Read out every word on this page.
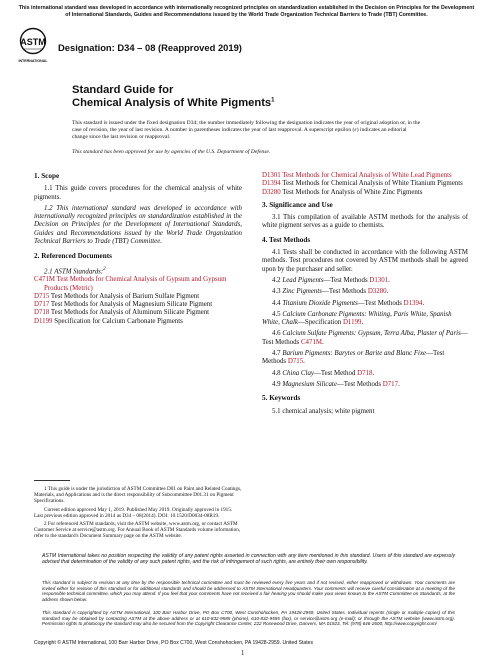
This international standard was developed in accordance with internationally recognized principles on standardization established in the Decision on Principles for the Development of International Standards, Guides and Recommendations issued by the World Trade Organization Technical Barriers to Trade (TBT) Committee.
ASTM
INTERNATIONAL
Designation: D34 – 08 (Reapproved 2019)
Standard Guide for
Chemical Analysis of White Pigments$^1$
This standard is issued under the fixed designation D34; the number immediately following the designation indicates the year of original adoption or, in the case of revision, the year of last revision. A number in parentheses indicates the year of last reapproval. A superscript epsilon (ε) indicates an editorial change since the last revision or reapproval.
This standard has been approved for use by agencies of the U.S. Department of Defense.

1. Scope

1.1 This guide covers procedures for the chemical analysis of white pigments.

1.2 This international standard was developed in accordance with internationally recognized principles on standardization established in the Decision on Principles for the Development of International Standards, Guides and Recommendations issued by the World Trade Organization Technical Barriers to Trade (TBT) Committee.

2. Referenced Documents

2.1 ASTM Standards:$^2$

C471M Test Methods for Chemical Analysis of Gypsum and Gypsum Products (Metric)

D715 Test Methods for Analysis of Barium Sulfate Pigment

D717 Test Methods for Analysis of Magnesium Silicate Pigment

D718 Test Methods for Analysis of Aluminum Silicate Pigment

D1199 Specification for Calcium Carbonate Pigments

D1301 Test Methods for Chemical Analysis of White Lead Pigments

D1394 Test Methods for Chemical Analysis of White Titanium Pigments

D3280 Test Methods for Analysis of White Zinc Pigments

3. Significance and Use

3.1 This compilation of available ASTM methods for the analysis of white pigment serves as a guide to chemists.

4. Test Methods

4.1 Tests shall be conducted in accordance with the following ASTM methods. Test procedures not covered by ASTM methods shall be agreed upon by the purchaser and seller.

4.2 Lead Pigments—Test Methods D1301.

4.3 Zinc Pigments—Test Methods D3280.

4.4 Titanium Dioxide Pigments—Test Methods D1394.

4.5 Calcium Carbonate Pigments: Whiting, Paris White, Spanish White, Chalk—Specification D1199.

4.6 Calcium Sulfate Pigments: Gypsum, Terra Alba, Plaster of Paris—Test Methods C471M.

4.7 Barium Pigments: Barytes or Barite and Blanc Fixe—Test Methods D715.

4.8 China Clay—Test Method D718.

4.9 Magnesium Silicate—Test Methods D717.

5. Keywords

5.1 chemical analysis; white pigment

1 This guide is under the jurisdiction of ASTM Committee D01 on Paint and Related Coatings, Materials, and Applications and is the direct responsibility of Subcommittee D01.31 on Pigment Specifications.

Current edition approved May 1, 2019. Published May 2019. Originally approved in 1915. Last previous edition approved in 2014 as D34 – 08(2014). DOI: 10.1520/D0034-08R19.

2 For referenced ASTM standards, visit the ASTM website, www.astm.org, or contact ASTM Customer Service at service@astm.org. For Annual Book of ASTM Standards volume information, refer to the standard's Document Summary page on the ASTM website.

ASTM International takes no position respecting the validity of any patent rights asserted in connection with any item mentioned in this standard. Users of this standard are expressly advised that determination of the validity of any such patent rights, and the risk of infringement of such rights, are entirely their own responsibility.
This standard is subject to revision at any time by the responsible technical committee and must be reviewed every five years and if not revised, either reapproved or withdrawn. Your comments are invited either for revision of this standard or for additional standards and should be addressed to ASTM International Headquarters. Your comments will receive careful consideration at a meeting of the responsible technical committee, which you may attend. If you feel that your comments have not received a fair hearing you should make your views known to the ASTM Committee on Standards, at the address shown below.
This standard is copyrighted by ASTM International, 100 Barr Harbor Drive, PO Box C700, West Conshohocken, PA 19428-2959, United States. Individual reprints (single or multiple copies) of this standard may be obtained by contacting ASTM at the above address or at 610-832-9585 (phone), 610-832-9555 (fax), or service@astm.org (e-mail); or through the ASTM website (www.astm.org). Permission rights to photocopy the standard may also be secured from the Copyright Clearance Center, 222 Rosewood Drive, Danvers, MA 01923, Tel: (978) 646-2600; http://www.copyright.com/
Copyright © ASTM International, 100 Barr Harbor Drive, PO Box C700, West Conshohocken, PA 19428-2959. United States
1
